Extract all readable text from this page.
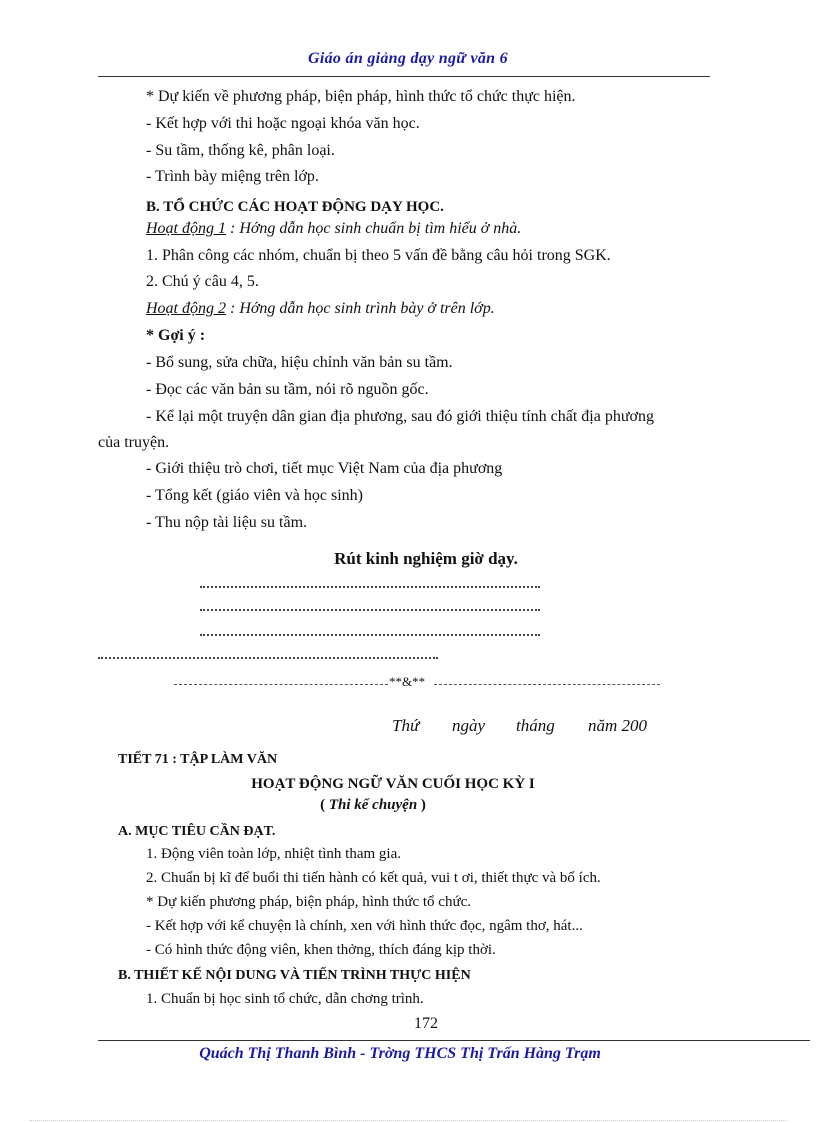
Giáo án giảng dạy ngữ văn 6
* Dự kiến về phương pháp, biện pháp, hình thức tổ chức thực hiện.
- Kết hợp với thi hoặc ngoại khóa văn học.
- Su tầm, thống kê, phân loại.
- Trình bày miệng trên lớp.
B. TỔ CHỨC CÁC HOẠT ĐỘNG DẠY HỌC.
Hoạt động 1 : Hớng dẫn học sinh chuẩn bị tìm hiểu ở nhà.
1. Phân công các nhóm, chuẩn bị theo 5 vấn đề bằng câu hỏi trong SGK.
2. Chú ý câu 4, 5.
Hoạt động 2 : Hớng dẫn học sinh trình bày ở trên lớp.
* Gợi ý :
- Bổ sung, sửa chữa, hiệu chỉnh văn bản su tầm.
- Đọc các văn bản su tầm, nói rõ nguồn gốc.
- Kể lại một truyện dân gian địa phương, sau đó giới thiệu tính chất địa phương
của truyện.
- Giới thiệu trò chơi, tiết mục Việt Nam của địa phương
- Tổng kết (giáo viên và học sinh)
- Thu nộp tài liệu su tầm.
Rút kinh nghiệm giờ dạy.
**&**
Thứ ngày tháng năm 200
TIẾT 71 : TẬP LÀM VĂN
HOẠT ĐỘNG NGỮ VĂN CUỐI HỌC KỲ I
( Thi kể chuyện )
A. MỤC TIÊU CẦN ĐẠT.
1. Động viên toàn lớp, nhiệt tình tham gia.
2. Chuẩn bị kĩ để buổi thi tiến hành có kết quả, vui t ơi, thiết thực và bổ ích.
* Dự kiến phương pháp, biện pháp, hình thức tổ chức.
- Kết hợp với kể chuyện là chính, xen với hình thức đọc, ngâm thơ, hát...
- Có hình thức động viên, khen thởng, thích đáng kịp thời.
B. THIẾT KẾ NỘI DUNG VÀ TIẾN TRÌNH THỰC HIỆN
1. Chuẩn bị học sinh tổ chức, dẫn chơng trình.
172
Quách Thị Thanh Bình - Trờng THCS Thị Trấn Hàng Trạm
